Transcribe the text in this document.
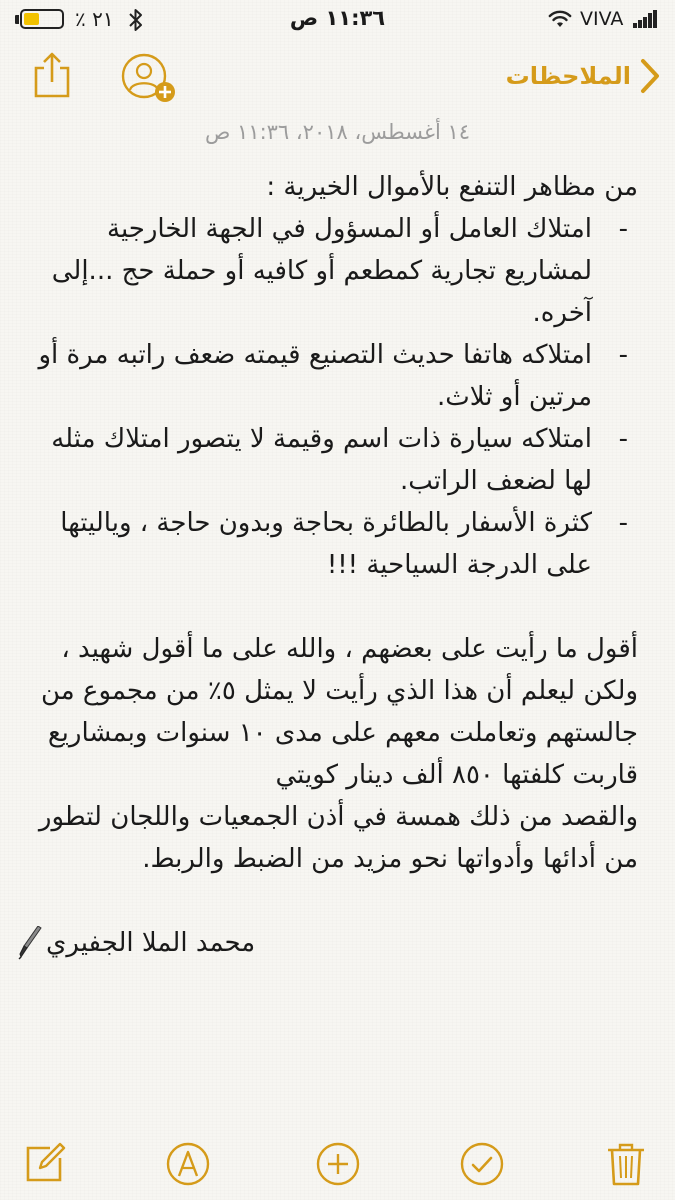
٢١ ٪	١١:٣٦ ص	VIVA
الملاحظات
١٤ أغسطس، ٢٠١٨، ١١:٣٦ ص

من مظاهر التنفع بالأموال الخيرية :

- امتلاك العامل أو المسؤول في الجهة الخارجية لمشاريع تجارية كمطعم أو كافيه أو حملة حج ...إلى آخره.
- امتلاكه هاتفا حديث التصنيع قيمته ضعف راتبه مرة أو مرتين أو ثلاث.
- امتلاكه سيارة ذات اسم وقيمة لا يتصور امتلاك مثله لها لضعف الراتب.
- كثرة الأسفار بالطائرة بحاجة وبدون حاجة ، وياليتها على الدرجة السياحية !!!

أقول ما رأيت على بعضهم ، والله على ما أقول شهيد ، ولكن ليعلم أن هذا الذي رأيت لا يمثل ٥٪ من مجموع من جالستهم وتعاملت معهم على مدى ١٠ سنوات وبمشاريع قاربت كلفتها ٨٥٠ ألف دينار كويتي

والقصد من ذلك همسة في أذن الجمعيات واللجان لتطور من أدائها وأدواتها نحو مزيد من الضبط والربط.

محمد الملا الجفيري
